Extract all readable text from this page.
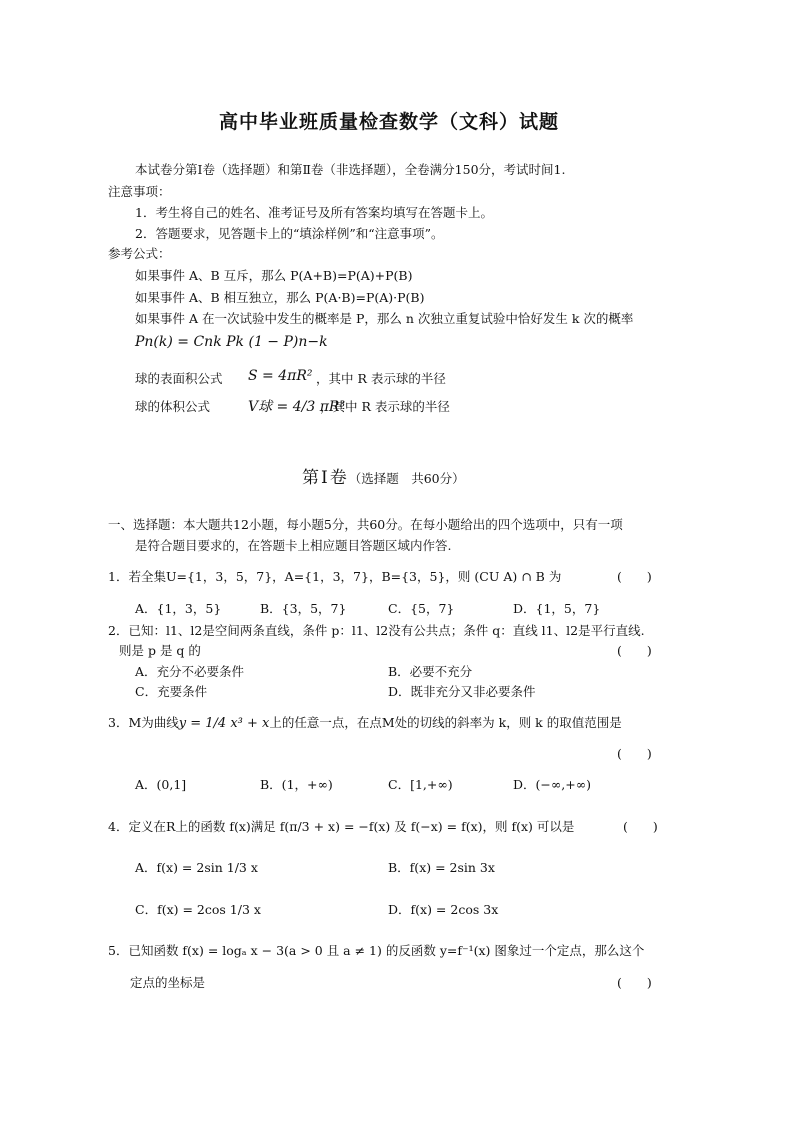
高中毕业班质量检查数学（文科）试题
本试卷分第Ⅰ卷（选择题）和第Ⅱ卷（非选择题），全卷满分150分，考试时间1.
注意事项：
1．考生将自己的姓名、准考证号及所有答案均填写在答题卡上。
2．答题要求，见答题卡上的“填涂样例”和“注意事项”。
参考公式：
如果事件 A、B 互斥，那么 P(A+B)=P(A)+P(B)
如果事件 A、B 相互独立，那么 P(A·B)=P(A)·P(B)
如果事件 A 在一次试验中发生的概率是 P，那么 n 次独立重复试验中恰好发生 k 次的概率
Pn(k) = Cnk Pk (1 − P)n−k
球的表面积公式 S = 4πR² ，其中 R 表示球的半径
球的体积公式	V球 = 4/3 πR³
，其中 R 表示球的半径
第Ⅰ卷（选择题　共60分）
一、选择题：本大题共12小题，每小题5分，共60分。在每小题给出的四个选项中，只有一项
是符合题目要求的，在答题卡上相应题目答题区域内作答.
1．若全集U={1，3，5，7}，A={1，3，7}，B={3，5}，则 (CU A) ∩ B 为	(　　)
A．{1，3，5}	B．{3，5，7}	C．{5，7}	D．{1，5，7}
2．已知：l1、l2是空间两条直线，条件 p：l1、l2没有公共点；条件 q：直线 l1、l2是平行直线.
则是 p 是 q 的	(　　)
A．充分不必要条件	B．必要不充分
C．充要条件	D．既非充分又非必要条件
3．M为曲线y = 1/4 x³ + x上的任意一点，在点M处的切线的斜率为 k，则 k 的取值范围是
(　　)
A．(0,1]	B．(1，+∞)	C．[1,+∞)	D．(−∞,+∞)
4．定义在R上的函数 f(x)满足 f(π/3 + x) = −f(x) 及 f(−x) = f(x)，则 f(x) 可以是	(　　)
A．f(x) = 2sin 1/3 x	B．f(x) = 2sin 3x
C．f(x) = 2cos 1/3 x	D．f(x) = 2cos 3x
5．已知函数 f(x) = logₐ x − 3(a > 0 且 a ≠ 1) 的反函数 y=f⁻¹(x) 图象过一个定点，那么这个
定点的坐标是	(　　)
